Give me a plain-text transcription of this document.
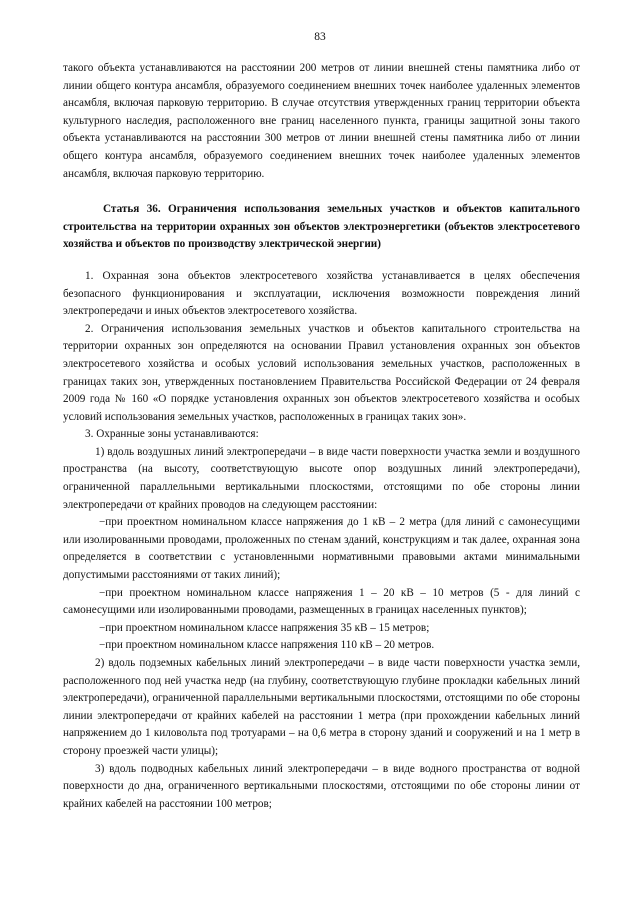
83

такого объекта устанавливаются на расстоянии 200 метров от линии внешней стены памятника либо от линии общего контура ансамбля, образуемого соединением внешних точек наиболее удаленных элементов ансамбля, включая парковую территорию. В случае отсутствия утвержденных границ территории объекта культурного наследия, расположенного вне границ населенного пункта, границы защитной зоны такого объекта устанавливаются на расстоянии 300 метров от линии внешней стены памятника либо от линии общего контура ансамбля, образуемого соединением внешних точек наиболее удаленных элементов ансамбля, включая парковую территорию.

Статья 36. Ограничения использования земельных участков и объектов капитального строительства на территории охранных зон объектов электроэнергетики (объектов электросетевого хозяйства и объектов по производству электрической энергии)

1. Охранная зона объектов электросетевого хозяйства устанавливается в целях обеспечения безопасного функционирования и эксплуатации, исключения возможности повреждения линий электропередачи и иных объектов электросетевого хозяйства.

2. Ограничения использования земельных участков и объектов капитального строительства на территории охранных зон определяются на основании Правил установления охранных зон объектов электросетевого хозяйства и особых условий использования земельных участков, расположенных в границах таких зон, утвержденных постановлением Правительства Российской Федерации от 24 февраля 2009 года № 160 «О порядке установления охранных зон объектов электросетевого хозяйства и особых условий использования земельных участков, расположенных в границах таких зон».

3. Охранные зоны устанавливаются:

1) вдоль воздушных линий электропередачи – в виде части поверхности участка земли и воздушного пространства (на высоту, соответствующую высоте опор воздушных линий электропередачи), ограниченной параллельными вертикальными плоскостями, отстоящими по обе стороны линии электропередачи от крайних проводов на следующем расстоянии:

−при проектном номинальном классе напряжения до 1 кВ – 2 метра (для линий с самонесущими или изолированными проводами, проложенных по стенам зданий, конструкциям и так далее, охранная зона определяется в соответствии с установленными нормативными правовыми актами минимальными допустимыми расстояниями от таких линий);

−при проектном номинальном классе напряжения 1 – 20 кВ – 10 метров (5 - для линий с самонесущими или изолированными проводами, размещенных в границах населенных пунктов);

−при проектном номинальном классе напряжения 35 кВ – 15 метров;

−при проектном номинальном классе напряжения 110 кВ – 20 метров.

2) вдоль подземных кабельных линий электропередачи – в виде части поверхности участка земли, расположенного под ней участка недр (на глубину, соответствующую глубине прокладки кабельных линий электропередачи), ограниченной параллельными вертикальными плоскостями, отстоящими по обе стороны линии электропередачи от крайних кабелей на расстоянии 1 метра (при прохождении кабельных линий напряжением до 1 киловольта под тротуарами – на 0,6 метра в сторону зданий и сооружений и на 1 метр в сторону проезжей части улицы);

3) вдоль подводных кабельных линий электропередачи – в виде водного пространства от водной поверхности до дна, ограниченного вертикальными плоскостями, отстоящими по обе стороны линии от крайних кабелей на расстоянии 100 метров;
